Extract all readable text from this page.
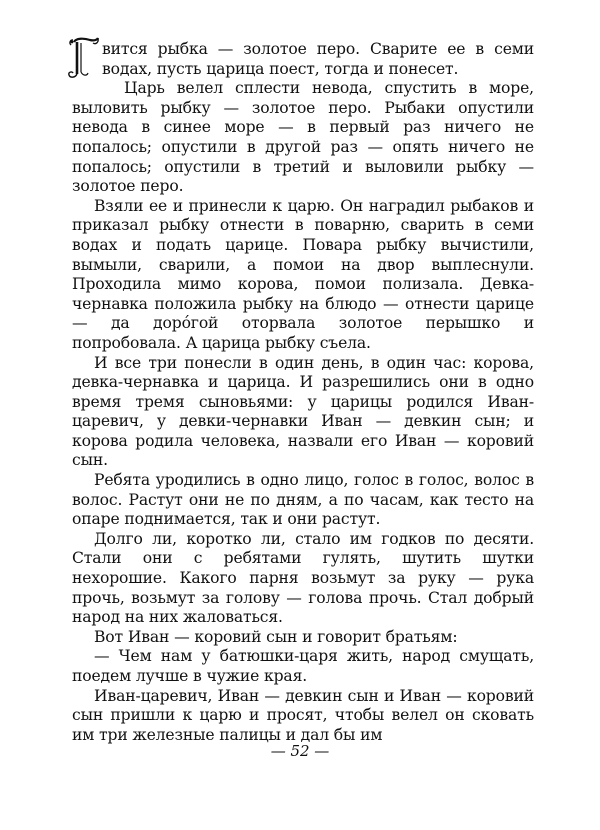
вится рыбка — золотое перо. Сварите ее в семи водах, пусть царица поест, тогда и понесет.

Царь велел сплести невода, спустить в море, выловить рыбку — золотое перо. Рыбаки опустили невода в синее море — в первый раз ничего не попалось; опустили в другой раз — опять ничего не попалось; опустили в третий и выловили рыбку — золотое перо.

Взяли ее и принесли к царю. Он наградил рыбаков и приказал рыбку отнести в поварню, сварить в семи водах и подать царице. Повара рыбку вычистили, вымыли, сварили, а помои на двор выплеснули. Проходила мимо корова, помои полизала. Девка-чернавка положила рыбку на блюдо — отнести царице — да доро́гой оторвала золотое перышко и попробовала. А царица рыбку съела.

И все три понесли в один день, в один час: корова, девка-чернавка и царица. И разрешились они в одно время тремя сыновьями: у царицы родился Иван-царевич, у девки-чернавки Иван — девкин сын; и корова родила человека, назвали его Иван — коровий сын.

Ребята уродились в одно лицо, голос в голос, волос в волос. Растут они не по дням, а по часам, как тесто на опаре поднимается, так и они растут.

Долго ли, коротко ли, стало им годков по десяти. Стали они с ребятами гулять, шутить шутки нехорошие. Какого парня возьмут за руку — рука прочь, возьмут за голову — голова прочь. Стал добрый народ на них жаловаться.

Вот Иван — коровий сын и говорит братьям:

— Чем нам у батюшки-царя жить, народ смущать, поедем лучше в чужие края.

Иван-царевич, Иван — девкин сын и Иван — коровий сын пришли к царю и просят, чтобы велел он сковать им три железные палицы и дал бы им

— 52 —
